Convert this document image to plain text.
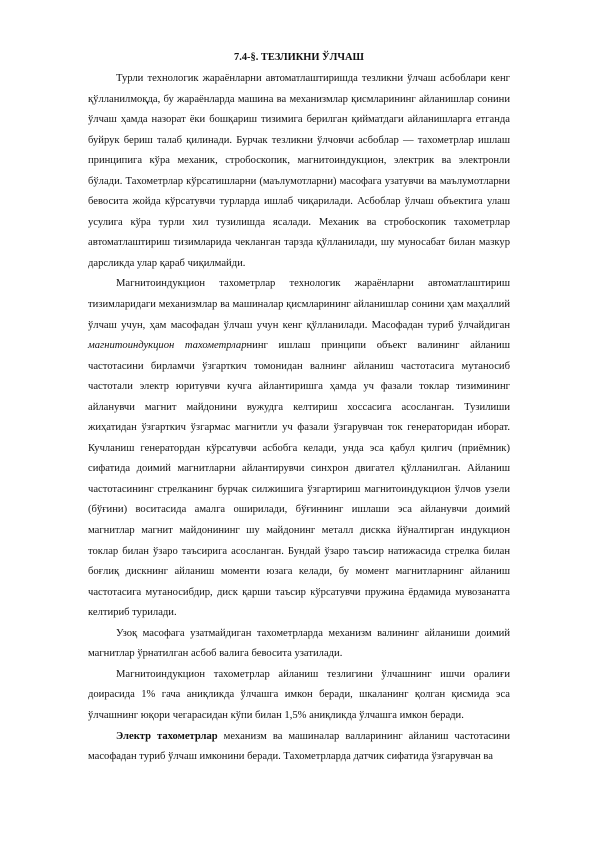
7.4-§. ТЕЗЛИКНИ ЎЛЧАШ

Турли технологик жараёнларни автоматлаштиришда тезликни ўлчаш асбоблари кенг қўлланилмоқда, бу жараёнларда машина ва механизмлар қисмларининг айланишлар сонини ўлчаш ҳамда назорат ёки бошқариш тизимига берилган қийматдаги айланишларга етганда буйрук бериш талаб қилинади. Бурчак тезликни ўлчовчи асбоблар — тахометрлар ишлаш принципига кўра механик, стробоскопик, магнитоиндукцион, электрик ва электронли бўлади. Тахометрлар кўрсатишларни (маълумотларни) масофага узатувчи ва маълумотларни бевосита жойда кўрсатувчи турларда ишлаб чиқарилади. Асбоблар ўлчаш объектига улаш усулига кўра турли хил тузилишда ясалади. Механик ва стробоскопик тахометрлар автоматлаштириш тизимларида чекланган тарзда қўлланилади, шу муносабат билан мазкур дарсликда улар қараб чиқилмайди.

Магнитоиндукцион тахометрлар технологик жараёнларни автоматлаштириш тизимларидаги механизмлар ва машиналар қисмларининг айланишлар сонини ҳам маҳаллий ўлчаш учун, ҳам масофадан ўлчаш учун кенг қўлланилади. Масофадан туриб ўлчайдиган магнитоиндукцион тахометрларнинг ишлаш принципи объект валининг айланиш частотасини бирламчи ўзгарткич томонидан валнинг айланиш частотасига мутаносиб частотали электр юритувчи кучга айлантиришга ҳамда уч фазали токлар тизимининг айланувчи магнит майдонини вужудга келтириш хоссасига асосланган. Тузилиши жиҳатидан ўзгарткич ўзгармас магнитли уч фазали ўзгарувчан ток генераторидан иборат. Кучланиш генератордан кўрсатувчи асбобга келади, унда эса қабул қилгич (приёмник) сифатида доимий магнитларни айлантирувчи синхрон двигател қўлланилган. Айланиш частотасининг стрелканинг бурчак силжишига ўзгартириш магнитоиндукцион ўлчов узели (бўғини) воситасида амалга оширилади, бўғиннинг ишлаши эса айланувчи доимий магнитлар магнит майдонининг шу майдонинг металл дискка йўналтирган индукцион токлар билан ўзаро таъсирига асосланган. Бундай ўзаро таъсир натижасида стрелка билан боғлиқ дискнинг айланиш моменти юзага келади, бу момент магнитларнинг айланиш частотасига мутаносибдир, диск қарши таъсир кўрсатувчи пружина ёрдамида мувозанатга келтириб турилади.

Узоқ масофага узатмайдиган тахометрларда механизм валининг айланиши доимий магнитлар ўрнатилган асбоб валига бевосита узатилади.

Магнитоиндукцион тахометрлар айланиш тезлигини ўлчашнинг ишчи оралиғи доирасида 1% гача аниқликда ўлчашга имкон беради, шкаланинг қолган қисмида эса ўлчашнинг юқори чегарасидан кўпи билан 1,5% аниқликда ўлчашга имкон беради.

Электр тахометрлар механизм ва машиналар валларининг айланиш частотасини масофадан туриб ўлчаш имконини беради. Тахометрларда датчик сифатида ўзгарувчан ва
